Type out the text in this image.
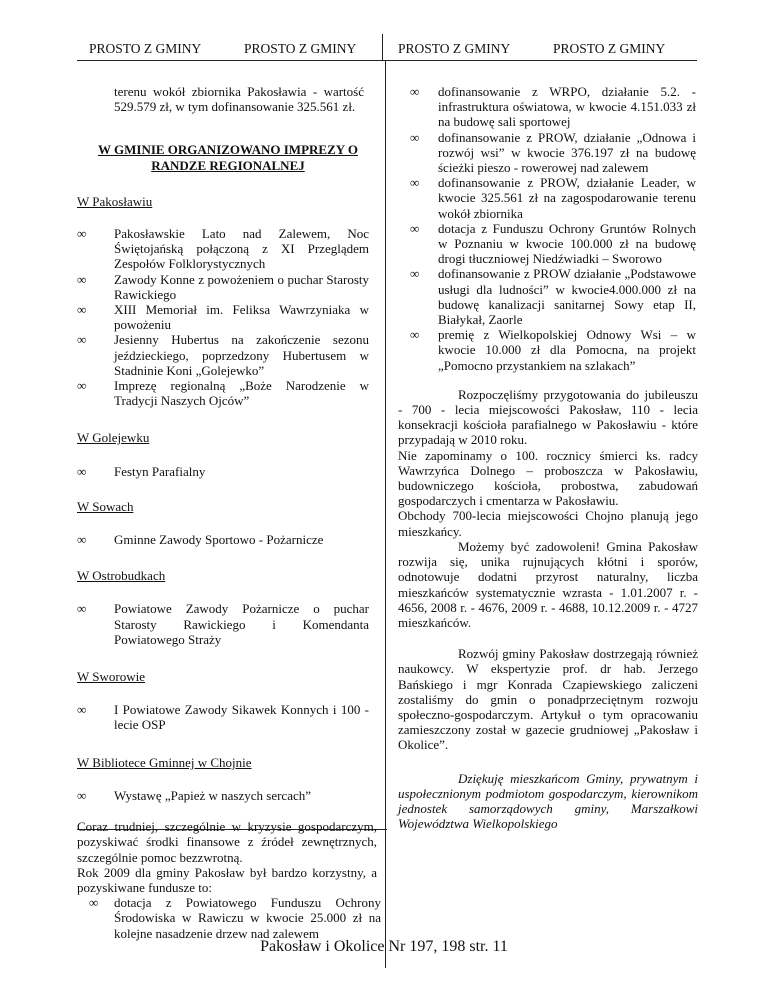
PROSTO Z GMINY	PROSTO Z GMINY	PROSTO Z GMINY	PROSTO Z GMINY

terenu wokół zbiornika Pakosławia - wartość 529.579 zł, w tym dofinansowanie 325.561 zł.

W GMINIE ORGANIZOWANO IMPREZY O RANDZE REGIONALNEJ

W Pakosławiu

∞ Pakosławskie Lato nad Zalewem, Noc Świętojańską połączoną z XI Przeglądem Zespołów Folklorystycznych
∞ Zawody Konne z powożeniem o puchar Starosty Rawickiego
∞ XIII Memoriał im. Feliksa Wawrzyniaka w powożeniu
∞ Jesienny Hubertus na zakończenie sezonu jeździeckiego, poprzedzony Hubertusem w Stadninie Koni „Golejewko”
∞ Imprezę regionalną „Boże Narodzenie w Tradycji Naszych Ojców”

W Golejewku

∞ Festyn Parafialny

W Sowach

∞ Gminne Zawody Sportowo - Pożarnicze

W Ostrobudkach

∞ Powiatowe Zawody Pożarnicze o puchar Starosty Rawickiego i Komendanta Powiatowego Straży

W Sworowie

∞ I Powiatowe Zawody Sikawek Konnych i 100 - lecie OSP

W Bibliotece Gminnej w Chojnie

∞ Wystawę „Papież w naszych sercach”

Coraz trudniej, szczególnie w kryzysie gospodarczym, pozyskiwać środki finansowe z źródeł zewnętrznych, szczególnie pomoc bezzwrotną.

Rok 2009 dla gminy Pakosław był bardzo korzystny, a pozyskiwane fundusze to:

∞ dotacja z Powiatowego Funduszu Ochrony Środowiska w Rawiczu w kwocie 25.000 zł na kolejne nasadzenie drzew nad zalewem
∞ dofinansowanie z WRPO, działanie 5.2. - infrastruktura oświatowa, w kwocie 4.151.033 zł na budowę sali sportowej
∞ dofinansowanie z PROW, działanie „Odnowa i rozwój wsi” w kwocie 376.197 zł na budowę ścieżki pieszo - rowerowej nad zalewem
∞ dofinansowanie z PROW, działanie Leader, w kwocie 325.561 zł na zagospodarowanie terenu wokół zbiornika
∞ dotacja z Funduszu Ochrony Gruntów Rolnych w Poznaniu w kwocie 100.000 zł na budowę drogi tłuczniowej Niedźwiadki – Sworowo
∞ dofinansowanie z PROW działanie „Podstawowe usługi dla ludności” w kwocie4.000.000 zł na budowę kanalizacji sanitarnej Sowy etap II, Białykał, Zaorle
∞ premię z Wielkopolskiej Odnowy Wsi – w kwocie 10.000 zł dla Pomocna, na projekt „Pomocno przystankiem na szlakach”

Rozpoczęliśmy przygotowania do jubileuszu - 700 - lecia miejscowości Pakosław, 110 - lecia konsekracji kościoła parafialnego w Pakosławiu - które przypadają w 2010 roku.

Nie zapominamy o 100. rocznicy śmierci ks. radcy Wawrzyńca Dolnego – proboszcza w Pakosławiu, budowniczego kościoła, probostwa, zabudowań gospodarczych i cmentarza w Pakosławiu.

Obchody 700-lecia miejscowości Chojno planują jego mieszkańcy.

Możemy być zadowoleni! Gmina Pakosław rozwija się, unika rujnujących kłótni i sporów, odnotowuje dodatni przyrost naturalny, liczba mieszkańców systematycznie wzrasta - 1.01.2007 r. - 4656, 2008 r. - 4676, 2009 r. - 4688, 10.12.2009 r. - 4727 mieszkańców.

Rozwój gminy Pakosław dostrzegają również naukowcy. W ekspertyzie prof. dr hab. Jerzego Bańskiego i mgr Konrada Czapiewskiego zaliczeni zostaliśmy do gmin o ponadprzeciętnym rozwoju społeczno-gospodarczym. Artykuł o tym opracowaniu zamieszczony został w gazecie grudniowej „Pakosław i Okolice”.

Dziękuję mieszkańcom Gminy, prywatnym i uspołecznionym podmiotom gospodarczym, kierownikom jednostek samorządowych gminy, Marszałkowi Województwa Wielkopolskiego

Pakosław i Okolice Nr 197, 198 str. 11
